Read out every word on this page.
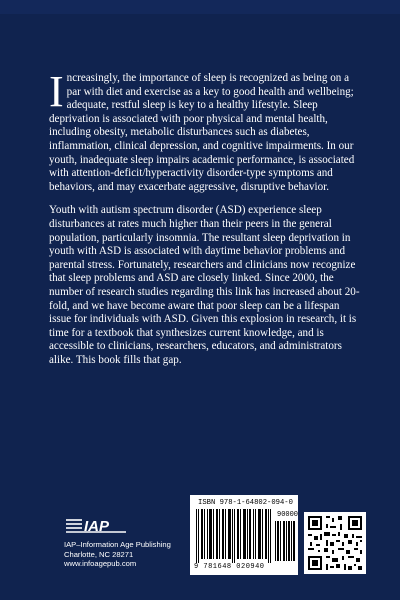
Increasingly, the importance of sleep is recognized as being on a par with diet and exercise as a key to good health and wellbeing; adequate, restful sleep is key to a healthy lifestyle. Sleep deprivation is associated with poor physical and mental health, including obesity, metabolic disturbances such as diabetes, inflammation, clinical depression, and cognitive impairments. In our youth, inadequate sleep impairs academic performance, is associated with attention-deficit/hyperactivity disorder-type symptoms and behaviors, and may exacerbate aggressive, disruptive behavior.

Youth with autism spectrum disorder (ASD) experience sleep disturbances at rates much higher than their peers in the general population, particularly insomnia. The resultant sleep deprivation in youth with ASD is associated with daytime behavior problems and parental stress. Fortunately, researchers and clinicians now recognize that sleep problems and ASD are closely linked. Since 2000, the number of research studies regarding this link has increased about 20-fold, and we have become aware that poor sleep can be a lifespan issue for individuals with ASD. Given this explosion in research, it is time for a textbook that synthesizes current knowledge, and is accessible to clinicians, researchers, educators, and administrators alike. This book fills that gap.

IAP
IAP–Information Age Publishing
Charlotte, NC 28271
www.infoagepub.com
ISBN 978-1-64802-094-0
90000
9 781648 020940
